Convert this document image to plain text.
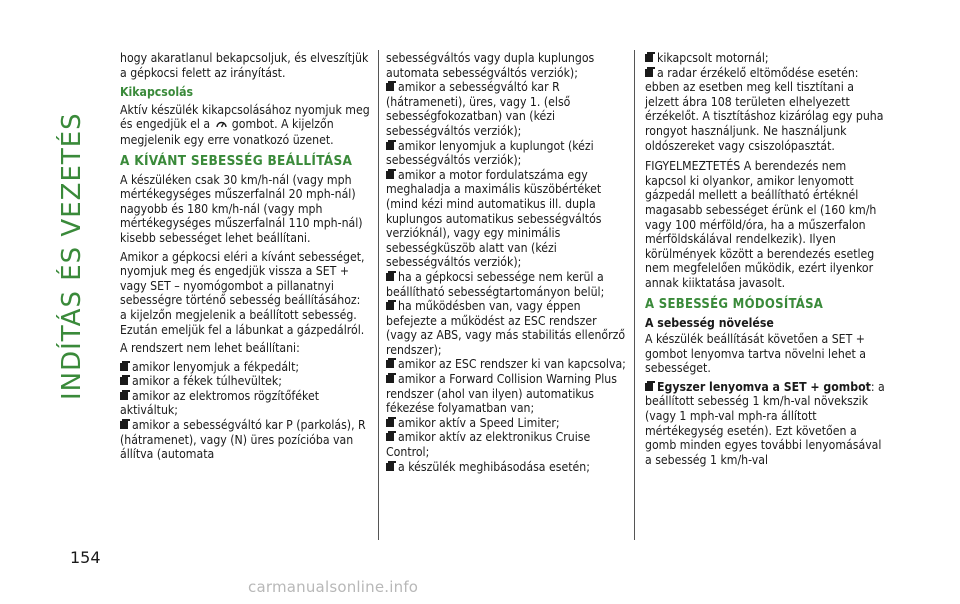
INDÍTÁS ÉS VEZETÉS
154
carmanualsonline.info

hogy akaratlanul bekapcsoljuk, és elveszítjük a gépkocsi felett az irányítást.

Kikapcsolás

Aktív készülék kikapcsolásához nyomjuk meg és engedjük el a gombot. A kijelzőn megjelenik egy erre vonatkozó üzenet.

A KÍVÁNT SEBESSÉG BEÁLLÍTÁSA

A készüléken csak 30 km/h-nál (vagy mph mértékegységes műszerfalnál 20 mph-nál) nagyobb és 180 km/h-nál (vagy mph mértékegységes műszerfalnál 110 mph-nál) kisebb sebességet lehet beállítani.

Amikor a gépkocsi eléri a kívánt sebességet, nyomjuk meg és engedjük vissza a SET + vagy SET – nyomógombot a pillanatnyi sebességre történő sebesség beállításához: a kijelzőn megjelenik a beállított sebesség. Ezután emeljük fel a lábunkat a gázpedálról.

A rendszert nem lehet beállítani:

amikor lenyomjuk a fékpedált;
amikor a fékek túlhevültek;
amikor az elektromos rögzítőféket aktiváltuk;
amikor a sebességváltó kar P (parkolás), R (hátramenet), vagy (N) üres pozícióba van állítva (automata

sebességváltós vagy dupla kuplungos automata sebességváltós verziók);

amikor a sebességváltó kar R (hátrameneti), üres, vagy 1. (első sebességfokozatban) van (kézi sebességváltós verziók);
amikor lenyomjuk a kuplungot (kézi sebességváltós verziók);
amikor a motor fordulatszáma egy meghaladja a maximális küszöbértéket (mind kézi mind automatikus ill. dupla kuplungos automatikus sebességváltós verzióknál), vagy egy minimális sebességküszöb alatt van (kézi sebességváltós verziók);
ha a gépkocsi sebessége nem kerül a beállítható sebességtartományon belül;
ha működésben van, vagy éppen befejezte a működést az ESC rendszer (vagy az ABS, vagy más stabilitás ellenőrző rendszer);
amikor az ESC rendszer ki van kapcsolva;
amikor a Forward Collision Warning Plus rendszer (ahol van ilyen) automatikus fékezése folyamatban van;
amikor aktív a Speed Limiter;
amikor aktív az elektronikus Cruise Control;
a készülék meghibásodása esetén;
kikapcsolt motornál;
a radar érzékelő eltömődése esetén: ebben az esetben meg kell tisztítani a jelzett ábra 108 területen elhelyezett érzékelőt. A tisztításhoz kizárólag egy puha rongyot használjunk. Ne használjunk oldószereket vagy csiszolópasztát.

FIGYELMEZTETÉS A berendezés nem kapcsol ki olyankor, amikor lenyomott gázpedál mellett a beállítható értéknél magasabb sebességet érünk el (160 km/h vagy 100 mérföld/óra, ha a műszerfalon mérföldskálával rendelkezik). Ilyen körülmények között a berendezés esetleg nem megfelelően működik, ezért ilyenkor annak kiiktatása javasolt.

A SEBESSÉG MÓDOSÍTÁSA
A sebesség növelése

A készülék beállítását követően a SET + gombot lenyomva tartva növelni lehet a sebességet.

Egyszer lenyomva a SET + gombot: a beállított sebesség 1 km/h-val növekszik (vagy 1 mph-val mph-ra állított mértékegység esetén). Ezt követően a gomb minden egyes további lenyomásával a sebesség 1 km/h-val
